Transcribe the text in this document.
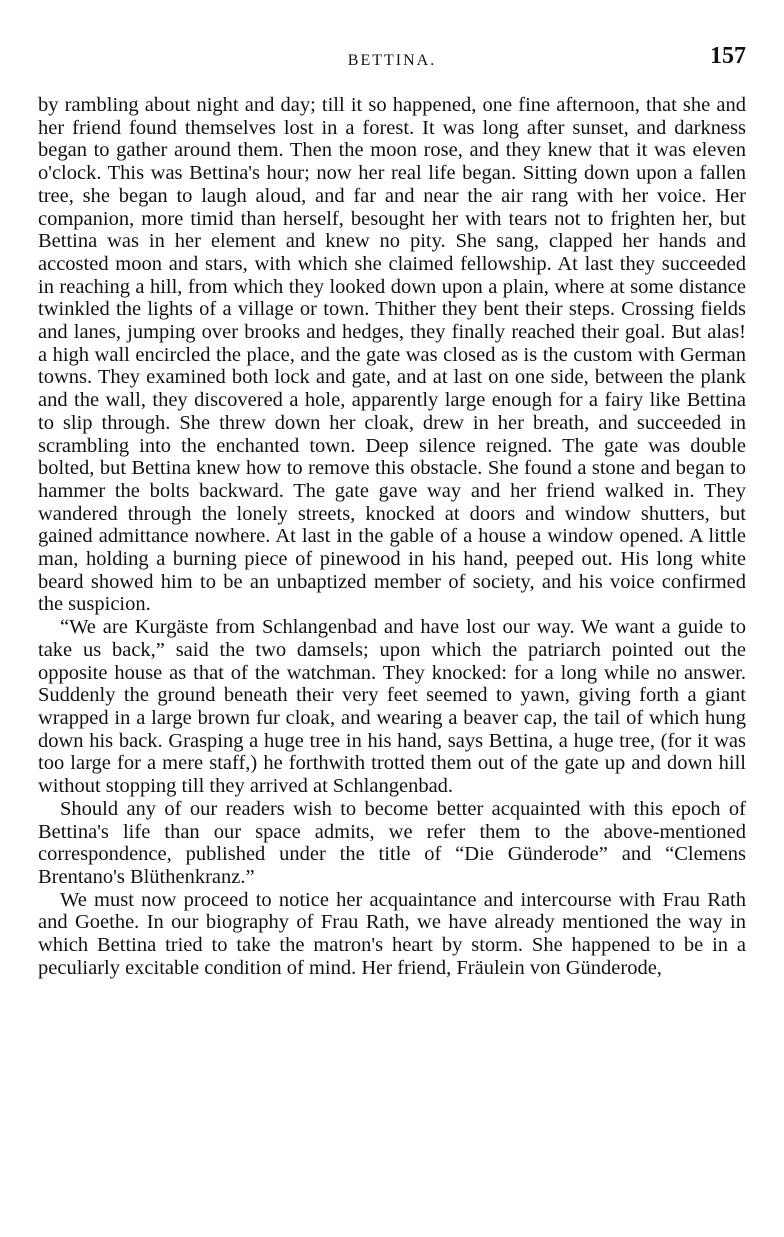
BETTINA.	157

by rambling about night and day; till it so happened, one fine afternoon, that she and her friend found themselves lost in a forest. It was long after sunset, and darkness began to gather around them. Then the moon rose, and they knew that it was eleven o'clock. This was Bettina's hour; now her real life began. Sitting down upon a fallen tree, she began to laugh aloud, and far and near the air rang with her voice. Her companion, more timid than herself, besought her with tears not to frighten her, but Bettina was in her element and knew no pity. She sang, clapped her hands and accosted moon and stars, with which she claimed fellowship. At last they succeeded in reaching a hill, from which they looked down upon a plain, where at some distance twinkled the lights of a village or town. Thither they bent their steps. Crossing fields and lanes, jumping over brooks and hedges, they finally reached their goal. But alas! a high wall encircled the place, and the gate was closed as is the custom with German towns. They examined both lock and gate, and at last on one side, between the plank and the wall, they discovered a hole, apparently large enough for a fairy like Bettina to slip through. She threw down her cloak, drew in her breath, and succeeded in scrambling into the enchanted town. Deep silence reigned. The gate was double bolted, but Bettina knew how to remove this obstacle. She found a stone and began to hammer the bolts backward. The gate gave way and her friend walked in. They wandered through the lonely streets, knocked at doors and window shutters, but gained admittance nowhere. At last in the gable of a house a window opened. A little man, holding a burning piece of pinewood in his hand, peeped out. His long white beard showed him to be an unbaptized member of society, and his voice confirmed the suspicion.

“We are Kurgäste from Schlangenbad and have lost our way. We want a guide to take us back,” said the two damsels; upon which the patriarch pointed out the opposite house as that of the watchman. They knocked: for a long while no answer. Suddenly the ground beneath their very feet seemed to yawn, giving forth a giant wrapped in a large brown fur cloak, and wearing a beaver cap, the tail of which hung down his back. Grasping a huge tree in his hand, says Bettina, a huge tree, (for it was too large for a mere staff,) he forthwith trotted them out of the gate up and down hill without stopping till they arrived at Schlangenbad.

Should any of our readers wish to become better acquainted with this epoch of Bettina's life than our space admits, we refer them to the above-mentioned correspondence, published under the title of “Die Günderode” and “Clemens Brentano's Blüthenkranz.”

We must now proceed to notice her acquaintance and intercourse with Frau Rath and Goethe. In our biography of Frau Rath, we have already mentioned the way in which Bettina tried to take the matron's heart by storm. She happened to be in a peculiarly excitable condition of mind. Her friend, Fräulein von Günderode,
